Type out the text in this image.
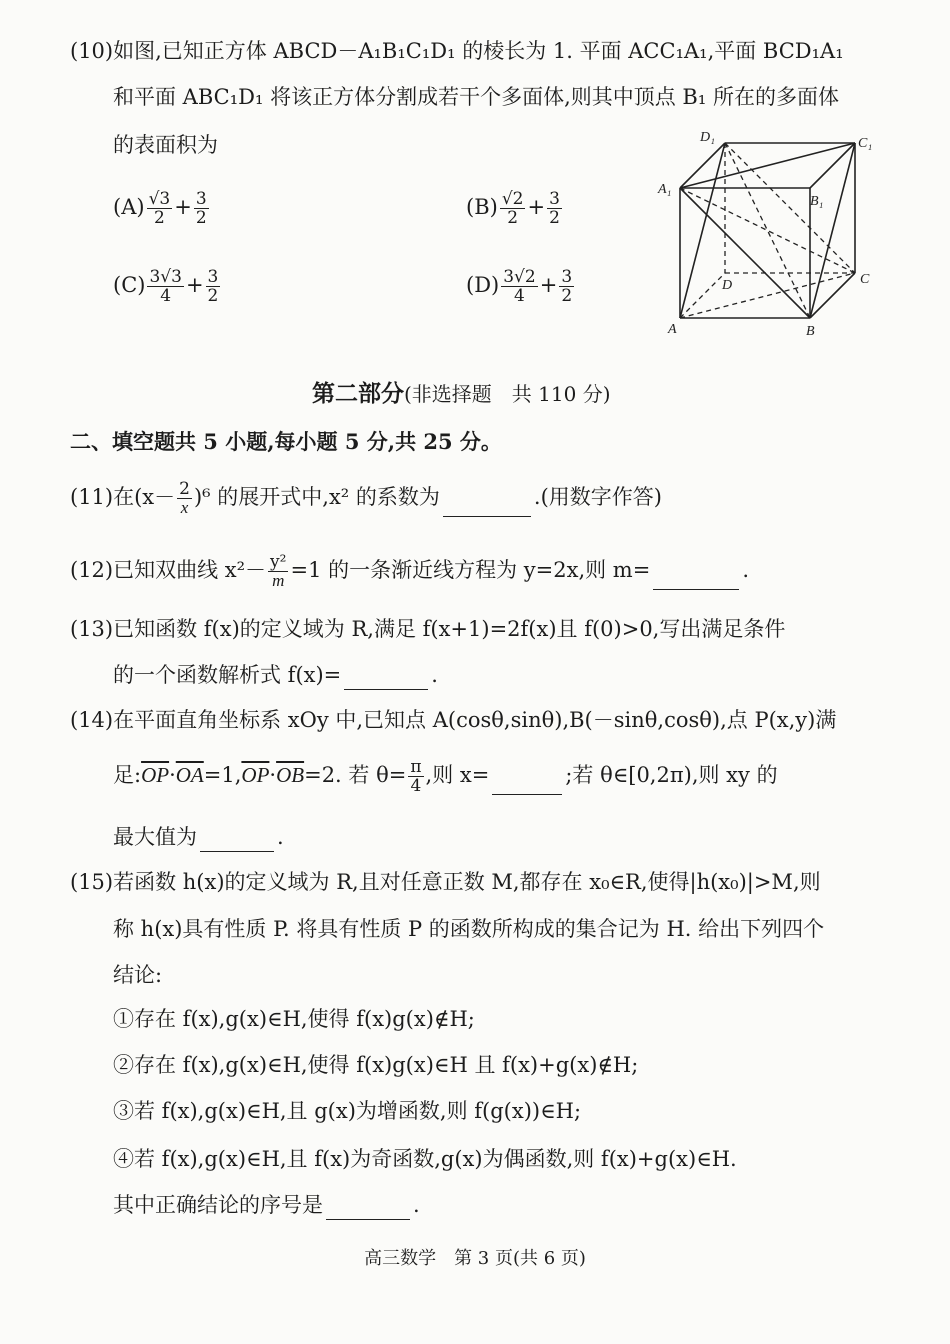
(10)如图,已知正方体 ABCD－A₁B₁C₁D₁ 的棱长为 1. 平面 ACC₁A₁,平面 BCD₁A₁
和平面 ABC₁D₁ 将该正方体分割成若干个多面体,则其中顶点 B₁ 所在的多面体
的表面积为
$(A) \frac{√3}{2} + \frac{3}{2}$	$(B) \frac{√2}{2} + \frac{3}{2}$
$(C) \frac{3√3}{4} + \frac{3}{2}$	$(D) \frac{3√2}{4} + \frac{3}{2}$
D₁	C₁
A₁
B₁
D	C
A	B
第二部分(非选择题　共 110 分)
二、填空题共 5 小题,每小题 5 分,共 25 分。
(11)在$(x- \frac{2}{x} )^6$ 的展开式中,x² 的系数为	.(用数字作答)
(12)已知双曲线 $x^2- \frac{\text{y²}}{m} =1$ 的一条渐近线方程为 y=2x,则 m=	.
(13)已知函数 f(x)的定义域为 R,满足 f(x+1)=2f(x)且 f(0)>0,写出满足条件
的一个函数解析式 f(x)=	.
(14)在平面直角坐标系 xOy 中,已知点 A(cosθ,sinθ),B(－sinθ,cosθ),点 P(x,y)满
足$:\overline{OP}\cdot\overline{OA}=1,\overline{OP}\cdot\overline{OB}=2$. 若 $\theta= \frac{\pi}{4}$ ,则 x=	;若 θ∈[0,2π),则 xy 的
最大值为	.
(15)若函数 h(x)的定义域为 R,且对任意正数 M,都存在 x₀∈R,使得|h(x₀)|>M,则
称 h(x)具有性质 P. 将具有性质 P 的函数所构成的集合记为 H. 给出下列四个
结论:
①存在 f(x),g(x)∈H,使得 f(x)g(x)∉H;
②存在 f(x),g(x)∈H,使得 f(x)g(x)∈H 且 f(x)+g(x)∉H;
③若 f(x),g(x)∈H,且 g(x)为增函数,则 f(g(x))∈H;
④若 f(x),g(x)∈H,且 f(x)为奇函数,g(x)为偶函数,则 f(x)+g(x)∈H.
其中正确结论的序号是	.
高三数学　第 3 页(共 6 页)
